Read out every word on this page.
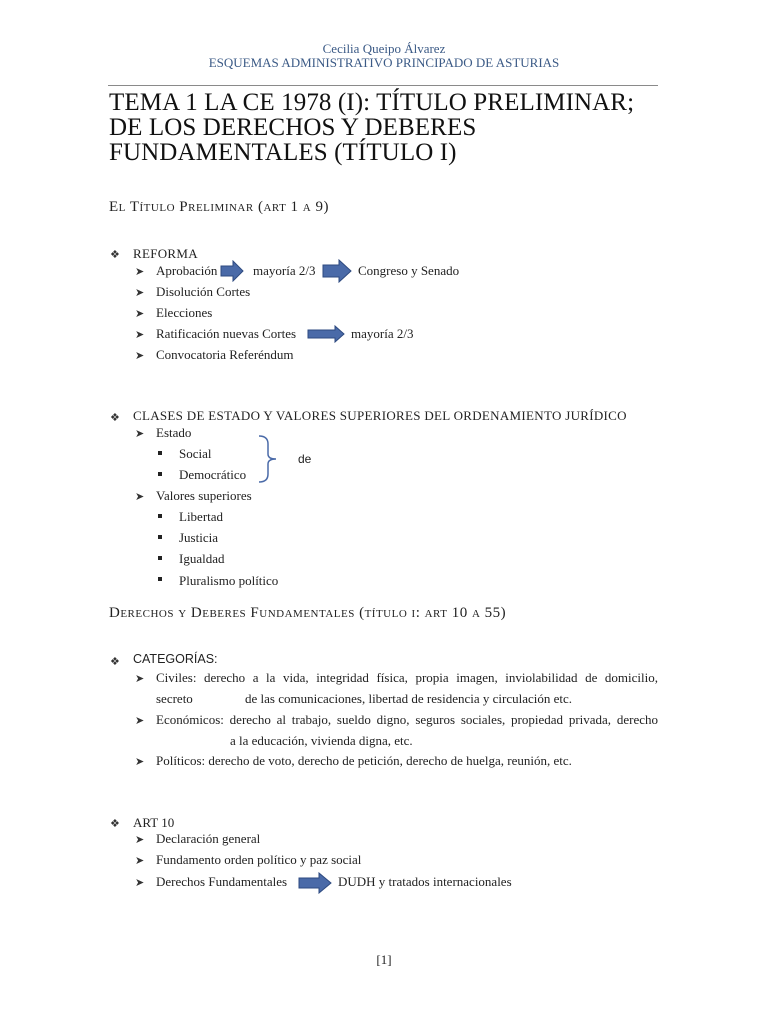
Cecilia Queipo Álvarez
ESQUEMAS ADMINISTRATIVO PRINCIPADO DE ASTURIAS
TEMA 1 LA CE 1978 (I): TÍTULO PRELIMINAR; DE LOS DERECHOS Y DEBERES FUNDAMENTALES (TÍTULO I)
El Título Preliminar (art 1 a 9)
❖ REFORMA
➤ Aprobación	mayoría 2/3	Congreso y Senado
➤ Disolución Cortes
➤ Elecciones
➤ Ratificación nuevas Cortes	mayoría 2/3
➤ Convocatoria Referéndum
❖ CLASES DE ESTADO Y VALORES SUPERIORES DEL ORDENAMIENTO JURÍDICO
➤ Estado
Social
Democrático
de
➤ Valores superiores
Libertad
Justicia
Igualdad
Pluralismo político
Derechos y Deberes Fundamentales (título i: art 10 a 55)
❖ CATEGORÍAS:
➤ Civiles: derecho a la vida, integridad física, propia imagen, inviolabilidad de domicilio,
secreto	de las comunicaciones, libertad de residencia y circulación etc.
➤ Económicos: derecho al trabajo, sueldo digno, seguros sociales, propiedad privada, derecho
a la educación, vivienda digna, etc.
➤ Políticos: derecho de voto, derecho de petición, derecho de huelga, reunión, etc.
❖ ART 10
➤ Declaración general
➤ Fundamento orden político y paz social
➤ Derechos Fundamentales	DUDH y tratados internacionales
[1]
